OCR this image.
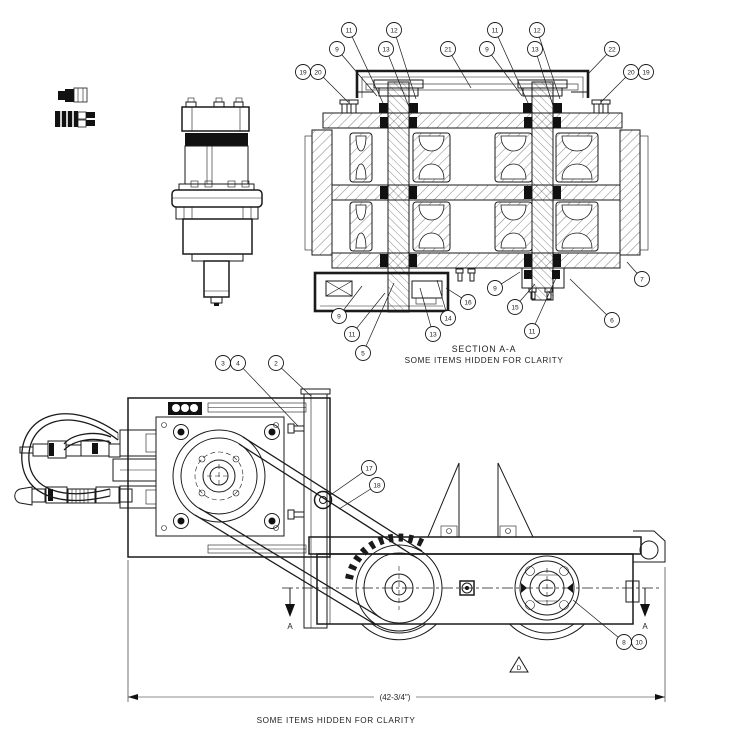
SECTION A-A
SOME ITEMS HIDDEN FOR CLARITY
19 20
9
11
13
12
21	9
11
13
12
22
20 19
9
11
5
13
14
16
9
15
11
6
7
A	A
D
(42-3/4")
SOME ITEMS HIDDEN FOR CLARITY
3 4	2
17
18
8 10
